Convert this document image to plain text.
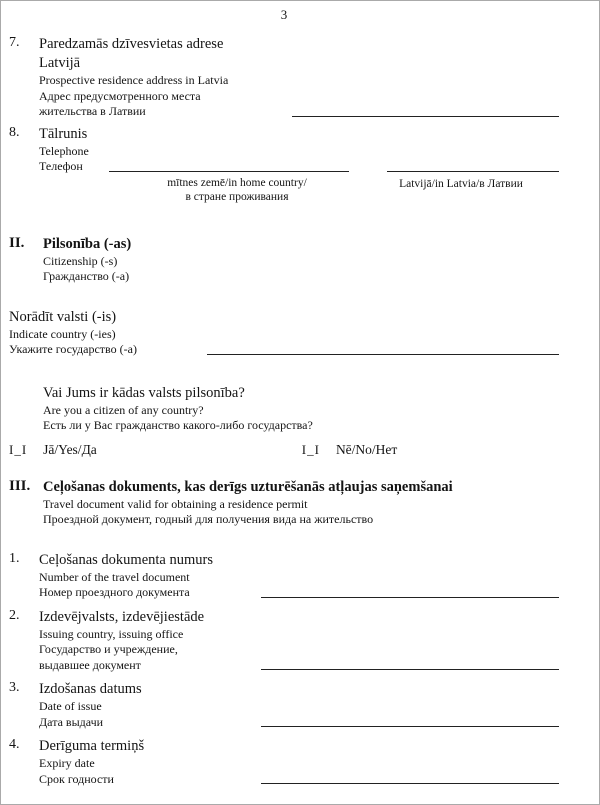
3
7.	Paredzamās dzīvesvietas adrese
Latvijā
Prospective residence address in Latvia
Адрес предусмотренного места
жительства в Латвии
8.	Tālrunis
Telephone
Телефон
mītnes zemē/in home country/
в стране проживания
Latvijā/in Latvia/в Латвии
II.	Pilsonība (-as)
Citizenship (-s)
Гражданство (-a)
Norādīt valsti (-is)
Indicate country (-ies)
Укажите государство (-a)
Vai Jums ir kādas valsts pilsonība?
Are you a citizen of any country?
Есть ли у Вас гражданство какого-либо государства?
I_I Jā/Yes/Да	I_I Nē/No/Нет
III. Ceļošanas dokuments, kas derīgs uzturēšanās atļaujas saņemšanai
Travel document valid for obtaining a residence permit
Проездной документ, годный для получения вида на жительство
1.	Ceļošanas dokumenta numurs
Number of the travel document
Номер проездного документа
2.	Izdevējvalsts, izdevējiestāde
Issuing country, issuing office
Государство и учреждение,
выдавшее документ
3.	Izdošanas datums
Date of issue
Дата выдачи
4.	Derīguma termiņš
Expiry date
Срок годности
